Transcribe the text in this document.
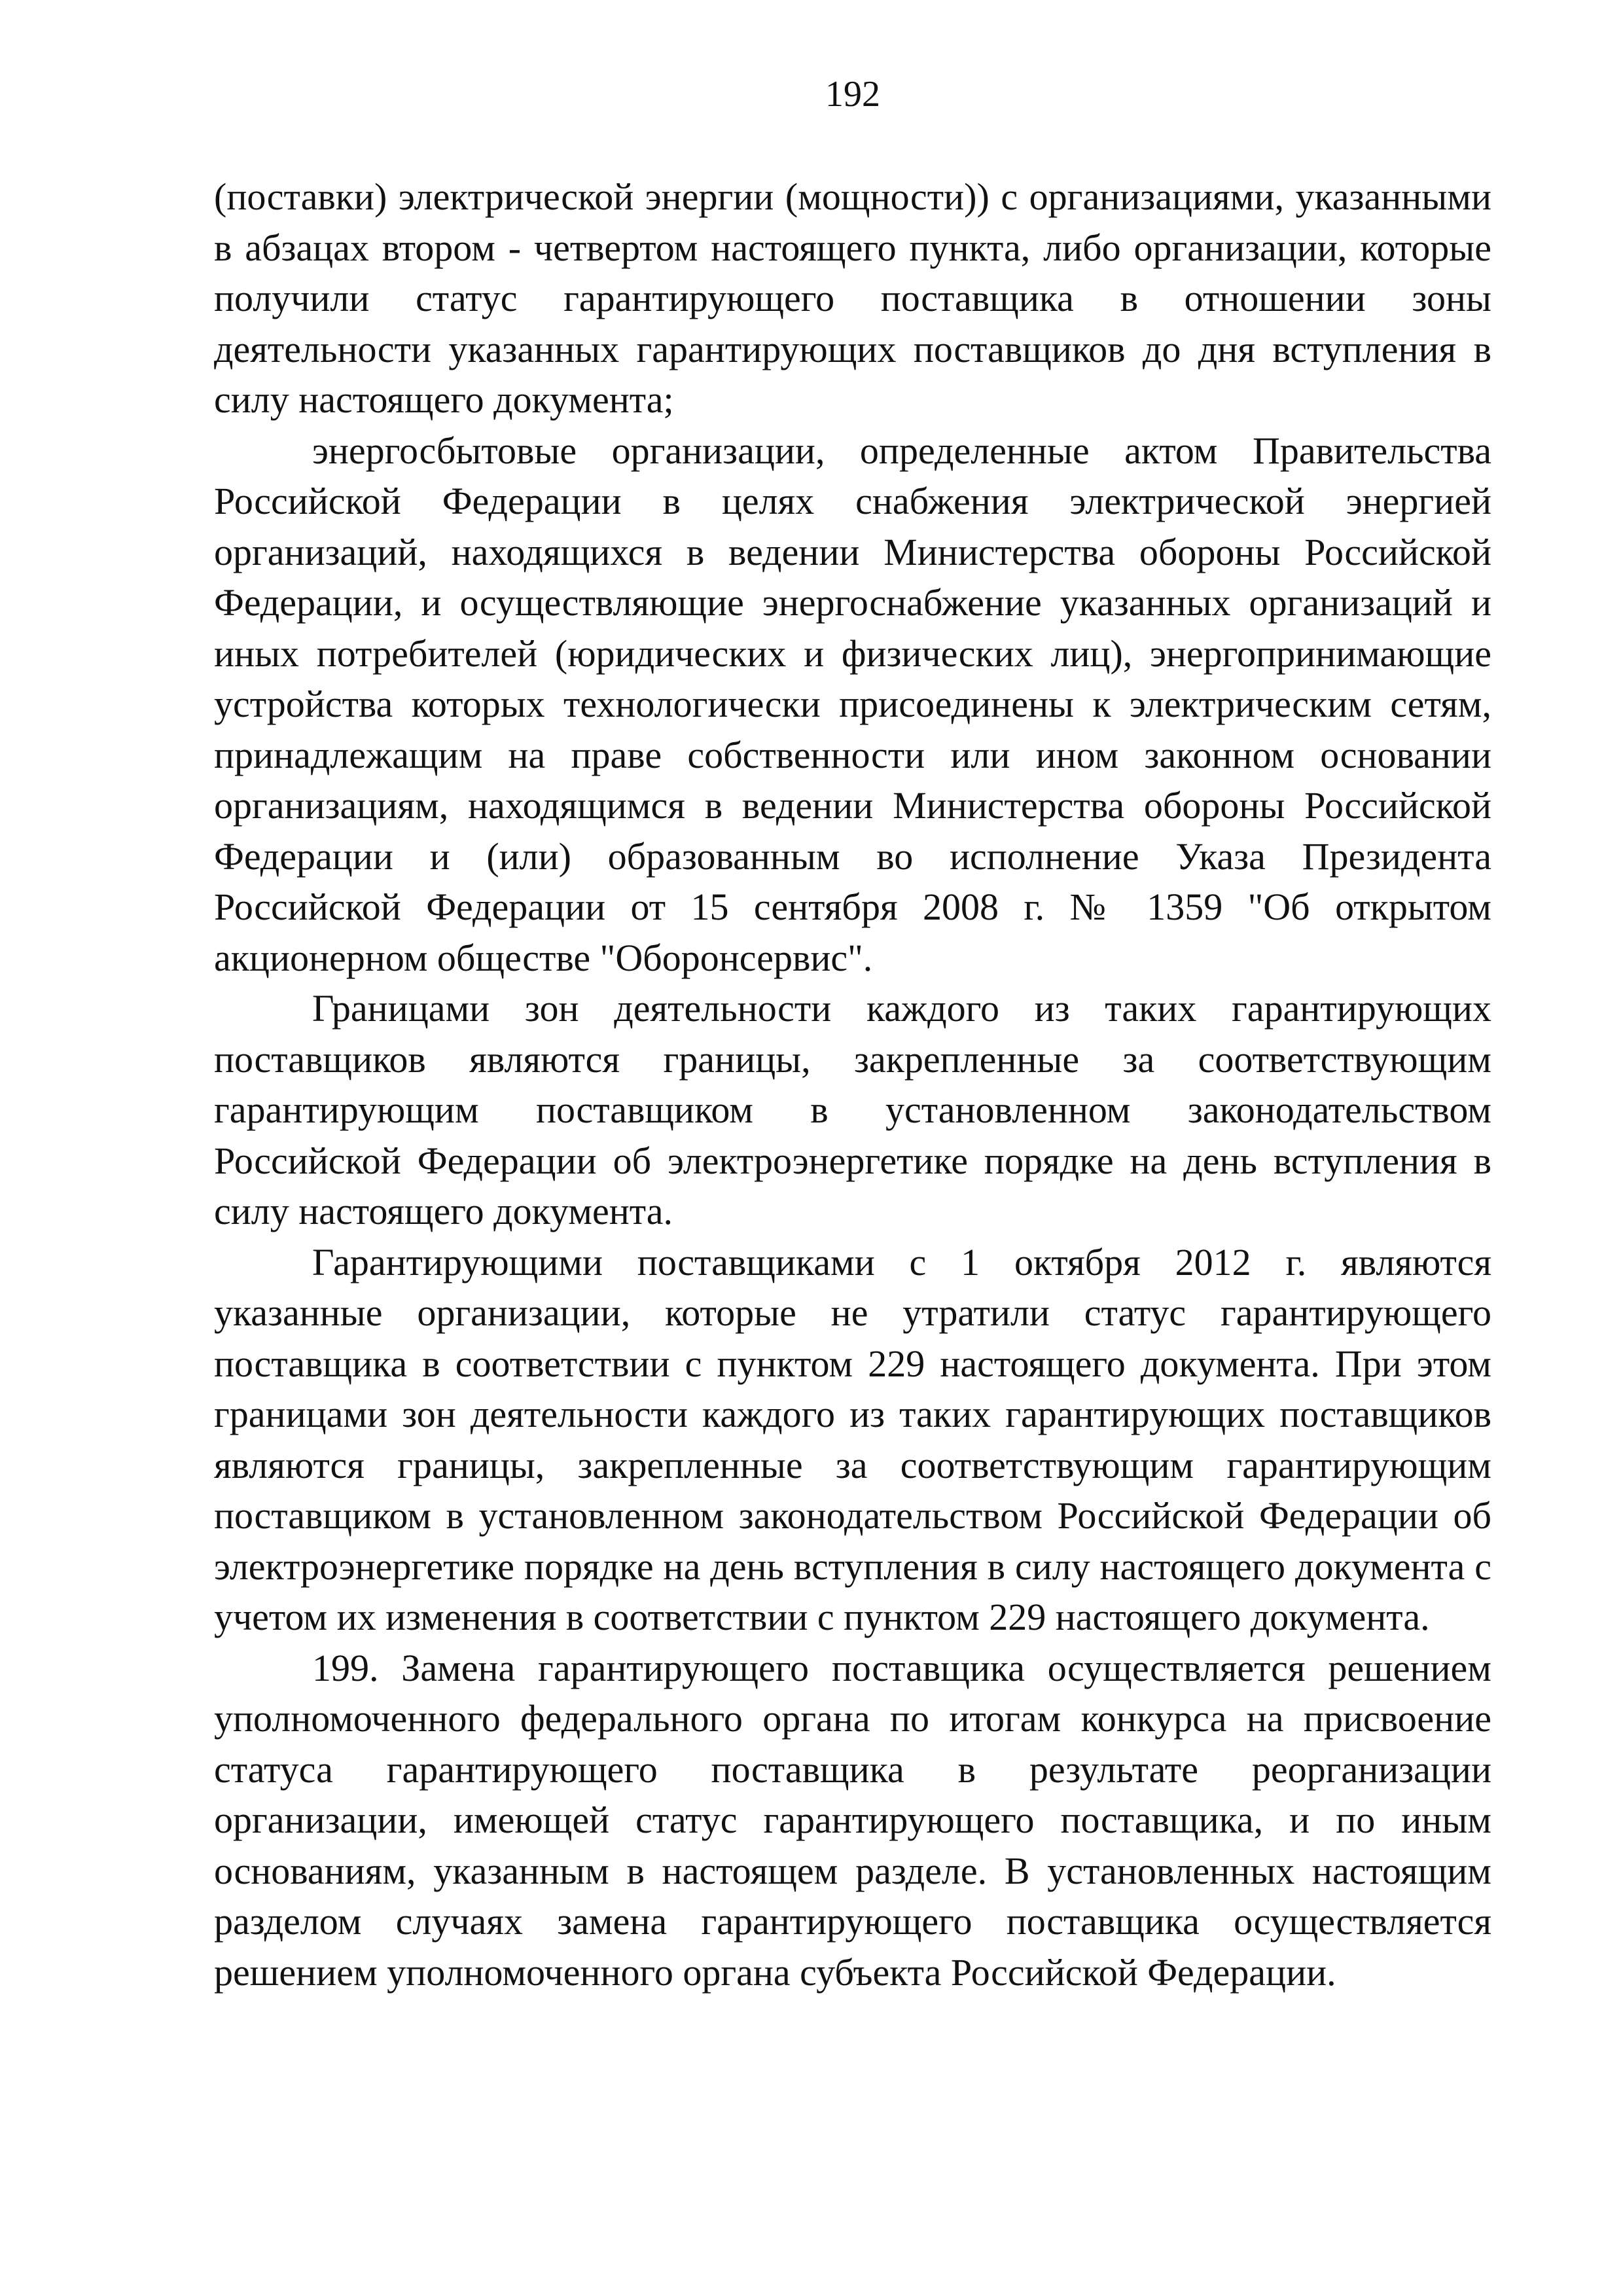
192

(поставки) электрической энергии (мощности)) с организациями, указанными в абзацах втором - четвертом настоящего пункта, либо организации, которые получили статус гарантирующего поставщика в отношении зоны деятельности указанных гарантирующих поставщиков до дня вступления в силу настоящего документа;

энергосбытовые организации, определенные актом Правительства Российской Федерации в целях снабжения электрической энергией организаций, находящихся в ведении Министерства обороны Российской Федерации, и осуществляющие энергоснабжение указанных организаций и иных потребителей (юридических и физических лиц), энергопринимающие устройства которых технологически присоединены к электрическим сетям, принадлежащим на праве собственности или ином законном основании организациям, находящимся в ведении Министерства обороны Российской Федерации и (или) образованным во исполнение Указа Президента Российской Федерации от 15 сентября 2008 г. № 1359 "Об открытом акционерном обществе "Оборонсервис".

Границами зон деятельности каждого из таких гарантирующих поставщиков являются границы, закрепленные за соответствующим гарантирующим поставщиком в установленном законодательством Российской Федерации об электроэнергетике порядке на день вступления в силу настоящего документа.

Гарантирующими поставщиками с 1 октября 2012 г. являются указанные организации, которые не утратили статус гарантирующего поставщика в соответствии с пунктом 229 настоящего документа. При этом границами зон деятельности каждого из таких гарантирующих поставщиков являются границы, закрепленные за соответствующим гарантирующим поставщиком в установленном законодательством Российской Федерации об электроэнергетике порядке на день вступления в силу настоящего документа с учетом их изменения в соответствии с пунктом 229 настоящего документа.

199. Замена гарантирующего поставщика осуществляется решением уполномоченного федерального органа по итогам конкурса на присвоение статуса гарантирующего поставщика в результате реорганизации организации, имеющей статус гарантирующего поставщика, и по иным основаниям, указанным в настоящем разделе. В установленных настоящим разделом случаях замена гарантирующего поставщика осуществляется решением уполномоченного органа субъекта Российской Федерации.
